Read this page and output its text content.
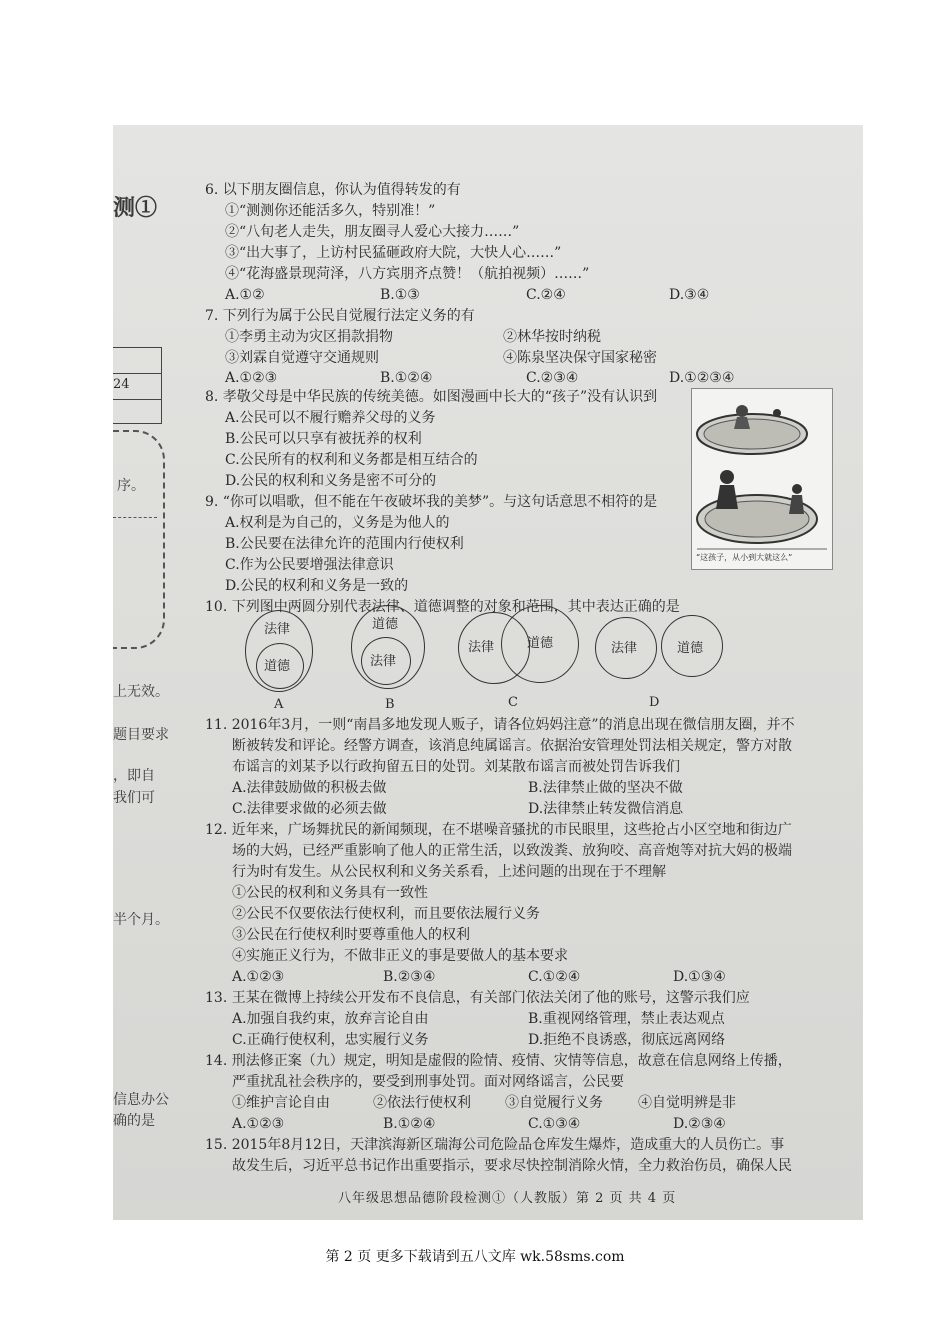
测①
24
序。
上无效。
题目要求
，即自
我们可
半个月。
信息办公
确的是
6. 以下朋友圈信息，你认为值得转发的有
①“测测你还能活多久，特别准！”
②“八旬老人走失，朋友圈寻人爱心大接力……”
③“出大事了，上访村民猛砸政府大院，大快人心……”
④“花海盛景现菏泽，八方宾朋齐点赞！（航拍视频）……”
A.①②	B.①③	C.②④	D.③④
7. 下列行为属于公民自觉履行法定义务的有
①李勇主动为灾区捐款捐物	②林华按时纳税
③刘霖自觉遵守交通规则	④陈泉坚决保守国家秘密
A.①②③	B.①②④	C.②③④	D.①②③④
8. 孝敬父母是中华民族的传统美德。如图漫画中长大的“孩子”没有认识到
A.公民可以不履行赡养父母的义务
B.公民可以只享有被抚养的权利
C.公民所有的权利和义务都是相互结合的
D.公民的权利和义务是密不可分的
“这孩子，从小到大就这么”
9. “你可以唱歌，但不能在午夜破坏我的美梦”。与这句话意思不相符的是
A.权利是为自己的，义务是为他人的
B.公民要在法律允许的范围内行使权利
C.作为公民要增强法律意识
D.公民的权利和义务是一致的
10. 下列图中两圆分别代表法律、道德调整的对象和范围，其中表达正确的是
法律
道德
A
道德
法律
B
法律	道德
C
法律	道德
D
11. 2016年3月，一则“南昌多地发现人贩子，请各位妈妈注意”的消息出现在微信朋友圈，并不
断被转发和评论。经警方调查，该消息纯属谣言。依据治安管理处罚法相关规定，警方对散
布谣言的刘某予以行政拘留五日的处罚。刘某散布谣言而被处罚告诉我们
A.法律鼓励做的积极去做	B.法律禁止做的坚决不做
C.法律要求做的必须去做	D.法律禁止转发微信消息
12. 近年来，广场舞扰民的新闻频现，在不堪噪音骚扰的市民眼里，这些抢占小区空地和街边广
场的大妈，已经严重影响了他人的正常生活，以致泼粪、放狗咬、高音炮等对抗大妈的极端
行为时有发生。从公民权利和义务关系看，上述问题的出现在于不理解
①公民的权利和义务具有一致性
②公民不仅要依法行使权利，而且要依法履行义务
③公民在行使权利时要尊重他人的权利
④实施正义行为，不做非正义的事是要做人的基本要求
A.①②③	B.②③④	C.①②④	D.①③④
13. 王某在微博上持续公开发布不良信息，有关部门依法关闭了他的账号，这警示我们应
A.加强自我约束，放弃言论自由	B.重视网络管理，禁止表达观点
C.正确行使权利，忠实履行义务	D.拒绝不良诱惑，彻底远离网络
14. 刑法修正案（九）规定，明知是虚假的险情、疫情、灾情等信息，故意在信息网络上传播，
严重扰乱社会秩序的，要受到刑事处罚。面对网络谣言，公民要
①维护言论自由	②依法行使权利 ③自觉履行义务	④自觉明辨是非
A.①②③	B.①②④	C.①③④	D.②③④
15. 2015年8月12日，天津滨海新区瑞海公司危险品仓库发生爆炸，造成重大的人员伤亡。事
故发生后，习近平总书记作出重要指示，要求尽快控制消除火情，全力救治伤员，确保人民
八年级思想品德阶段检测①（人教版）第 2 页 共 4 页
第 2 页 更多下载请到五八文库 wk.58sms.com
